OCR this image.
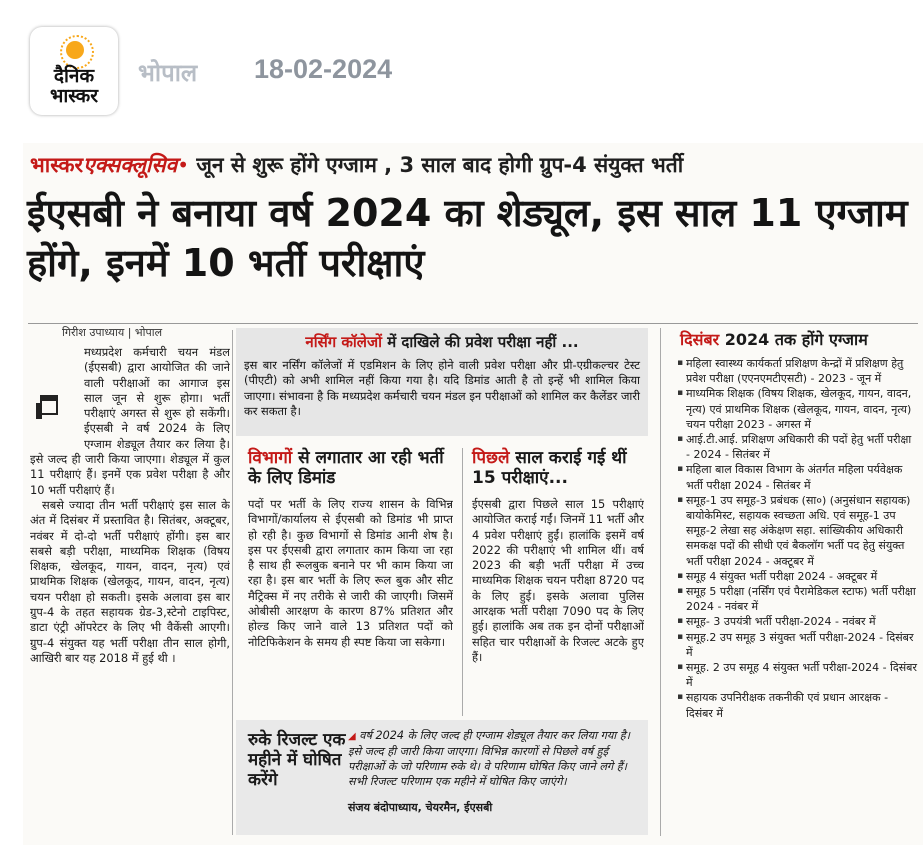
दैनिक
भास्कर
भोपाल 18-02-2024
भास्करएक्सक्लूसिव• जून से शुरू होंगे एग्जाम , 3 साल बाद होगी ग्रुप-4 संयुक्त भर्ती
ईएसबी ने बनाया वर्ष 2024 का शेड्यूल, इस साल 11 एग्जाम होंगे, इनमें 10 भर्ती परीक्षाएं
गिरीश उपाध्याय | भोपाल

मध्यप्रदेश कर्मचारी चयन मंडल (ईएसबी) द्वारा आयोजित की जाने वाली परीक्षाओं का आगाज इस साल जून से शुरू होगा। भर्ती परीक्षाएं अगस्त से शुरू हो सकेंगी। ईएसबी ने वर्ष 2024 के लिए एग्जाम शेड्यूल तैयार कर लिया है। इसे जल्द ही जारी किया जाएगा। शेड्यूल में कुल 11 परीक्षाएं हैं। इनमें एक प्रवेश परीक्षा है और 10 भर्ती परीक्षाएं हैं।

सबसे ज्यादा तीन भर्ती परीक्षाएं इस साल के अंत में दिसंबर में प्रस्तावित है। सितंबर, अक्टूबर, नवंबर में दो-दो भर्ती परीक्षाएं होंगी। इस बार सबसे बड़ी परीक्षा, माध्यमिक शिक्षक (विषय शिक्षक, खेलकूद, गायन, वादन, नृत्य) एवं प्राथमिक शिक्षक (खेलकूद, गायन, वादन, नृत्य) चयन परीक्षा हो सकती। इसके अलावा इस बार ग्रुप-4 के तहत सहायक ग्रेड-3,स्टेनो टाइपिस्ट, डाटा एंट्री ऑपरेटर के लिए भी वैकेंसी आएगी। ग्रुप-4 संयुक्त यह भर्ती परीक्षा तीन साल होगी, आखिरी बार यह 2018 में हुई थी ।

नर्सिंग कॉलेजों में दाखिले की प्रवेश परीक्षा नहीं ...
इस बार नर्सिंग कॉलेजों में एडमिशन के लिए होने वाली प्रवेश परीक्षा और प्री-एग्रीकल्चर टेस्ट (पीएटी) को अभी शामिल नहीं किया गया है। यदि डिमांड आती है तो इन्हें भी शामिल किया जाएगा। संभावना है कि मध्यप्रदेश कर्मचारी चयन मंडल इन परीक्षाओं को शामिल कर कैलेंडर जारी कर सकता है।
विभागों से लगातार आ रही भर्ती के लिए डिमांड
पदों पर भर्ती के लिए राज्य शासन के विभिन्न विभागों/कार्यालय से ईएसबी को डिमांड भी प्राप्त हो रही है। कुछ विभागों से डिमांड आनी शेष है। इस पर ईएसबी द्वारा लगातार काम किया जा रहा है साथ ही रूलबुक बनाने पर भी काम किया जा रहा है। इस बार भर्ती के लिए रूल बुक और सीट मैट्रिक्स में नए तरीके से जारी की जाएगी। जिसमें ओबीसी आरक्षण के कारण 87% प्रतिशत और होल्ड किए जाने वाले 13 प्रतिशत पदों को नोटिफिकेशन के समय ही स्पष्ट किया जा सकेगा।
पिछले साल कराई गई थीं 15 परीक्षाएं...
ईएसबी द्वारा पिछले साल 15 परीक्षाएं आयोजित कराई गईं। जिनमें 11 भर्ती और 4 प्रवेश परीक्षाएं हुईं। हालांकि इसमें वर्ष 2022 की परीक्षाएं भी शामिल थीं। वर्ष 2023 की बड़ी भर्ती परीक्षा में उच्च माध्यमिक शिक्षक चयन परीक्षा 8720 पद के लिए हुई। इसके अलावा पुलिस आरक्षक भर्ती परीक्षा 7090 पद के लिए हुई। हालांकि अब तक इन दोनों परीक्षाओं सहित चार परीक्षाओं के रिजल्ट अटके हुए हैं।
रुके रिजल्ट एक महीने में घोषित करेंगे
◢ वर्ष 2024 के लिए जल्द ही एग्जाम शेड्यूल तैयार कर लिया गया है। इसे जल्द ही जारी किया जाएगा। विभिन्न कारणों से पिछले वर्ष हुई परीक्षाओं के जो परिणाम रुके थे। वे परिणाम घोषित किए जाने लगे हैं। सभी रिजल्ट परिणाम एक महीने में घोषित किए जाएंगे।
संजय बंदोपाध्याय, चेयरमैन, ईएसबी
दिसंबर 2024 तक होंगे एग्जाम
▪ महिला स्वास्थ्य कार्यकर्ता प्रशिक्षण केन्द्रों में प्रशिक्षण हेतु प्रवेश परीक्षा (एएनएमटीएसटी) - 2023 - जून में
▪ माध्यमिक शिक्षक (विषय शिक्षक, खेलकूद, गायन, वादन, नृत्य) एवं प्राथमिक शिक्षक (खेलकूद, गायन, वादन, नृत्य) चयन परीक्षा 2023 - अगस्त में
▪ आई.टी.आई. प्रशिक्षण अधिकारी की पदों हेतु भर्ती परीक्षा - 2024 - सितंबर में
▪ महिला बाल विकास विभाग के अंतर्गत महिला पर्यवेक्षक भर्ती परीक्षा 2024 - सितंबर में
▪ समूह-1 उप समूह-3 प्रबंधक (सा०) (अनुसंधान सहायक) बायोकेमिस्ट, सहायक स्वच्छता अधि. एवं समूह-1 उप समूह-2 लेखा सह अंकेक्षण सहा. सांख्यिकीय अधिकारी समकक्ष पदों की सीधी एवं बैकलॉग भर्ती पद हेतु संयुक्त भर्ती परीक्षा 2024 - अक्टूबर में
▪ समूह 4 संयुक्त भर्ती परीक्षा 2024 - अक्टूबर में
▪ समूह 5 परीक्षा (नर्सिंग एवं पैरामेडिकल स्टाफ) भर्ती परीक्षा 2024 - नवंबर में
▪ समूह- 3 उपयंत्री भर्ती परीक्षा-2024 - नवंबर में
▪ समूह.2 उप समूह 3 संयुक्त भर्ती परीक्षा-2024 - दिसंबर में
▪ समूह. 2 उप समूह 4 संयुक्त भर्ती परीक्षा-2024 - दिसंबर में
▪ सहायक उपनिरीक्षक तकनीकी एवं प्रधान आरक्षक - दिसंबर में
